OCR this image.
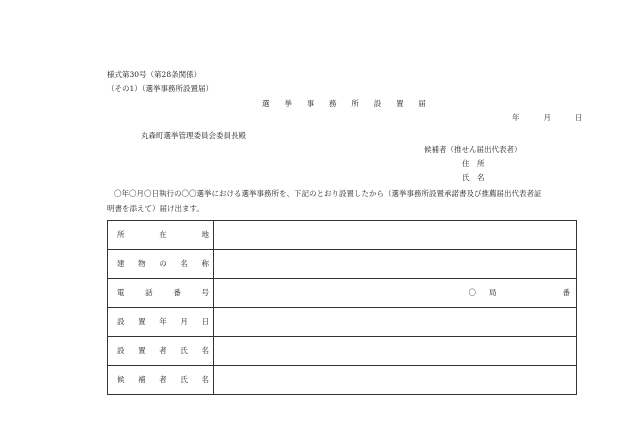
様式第30号（第28条関係）
（その1）（選挙事務所設置届）
選 挙 事 務 所 設 置 届
年	月	日
丸森町選挙管理委員会委員長殿
候補者（推せん届出代表者）
住　所
氏　名
〇年〇月〇日執行の〇〇選挙における選挙事務所を、下記のとおり設置したから（選挙事務所設置承諾書及び推薦届出代表者証
明書を添えて）届け出ます。
所 在 地	

建 物 の 名 称	

電 話 番 号	〇 局 番

設 置 年 月 日	

設 置 者 氏 名	

候 補 者 氏 名	
